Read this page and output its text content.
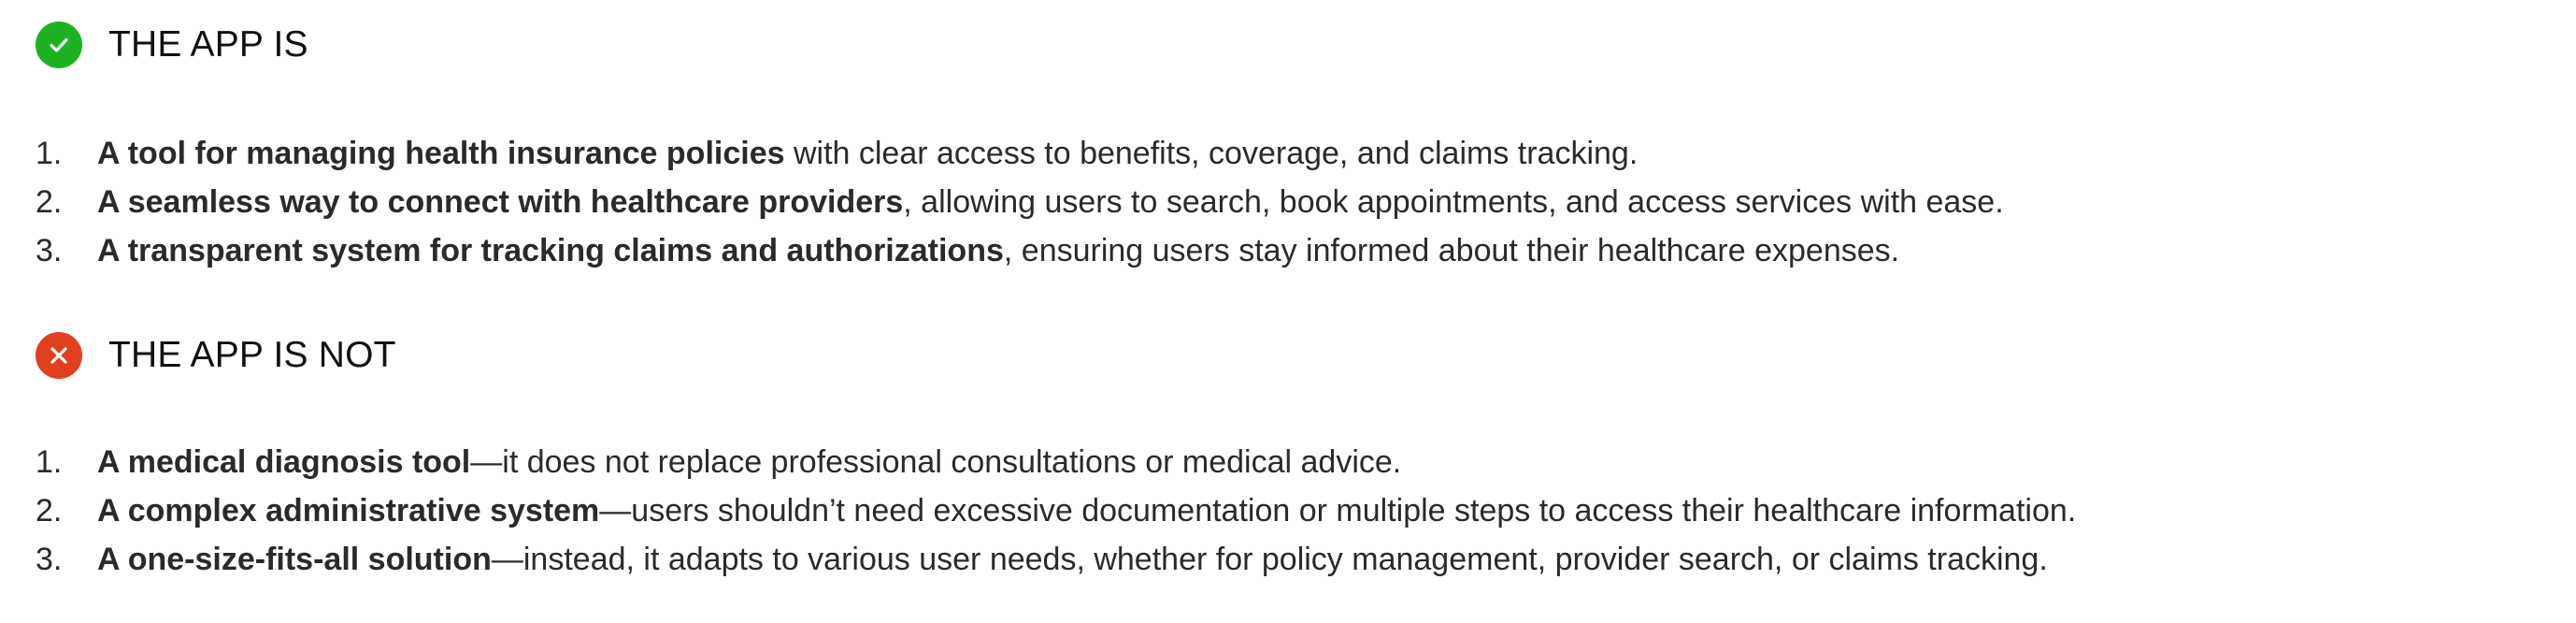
THE APP IS
1.	A tool for managing health insurance policies with clear access to benefits, coverage, and claims tracking.
2.	A seamless way to connect with healthcare providers, allowing users to search, book appointments, and access services with ease.
3.	A transparent system for tracking claims and authorizations, ensuring users stay informed about their healthcare expenses.
THE APP IS NOT
1.	A medical diagnosis tool—it does not replace professional consultations or medical advice.
2.	A complex administrative system—users shouldn’t need excessive documentation or multiple steps to access their healthcare information.
3.	A one-size-fits-all solution—instead, it adapts to various user needs, whether for policy management, provider search, or claims tracking.
